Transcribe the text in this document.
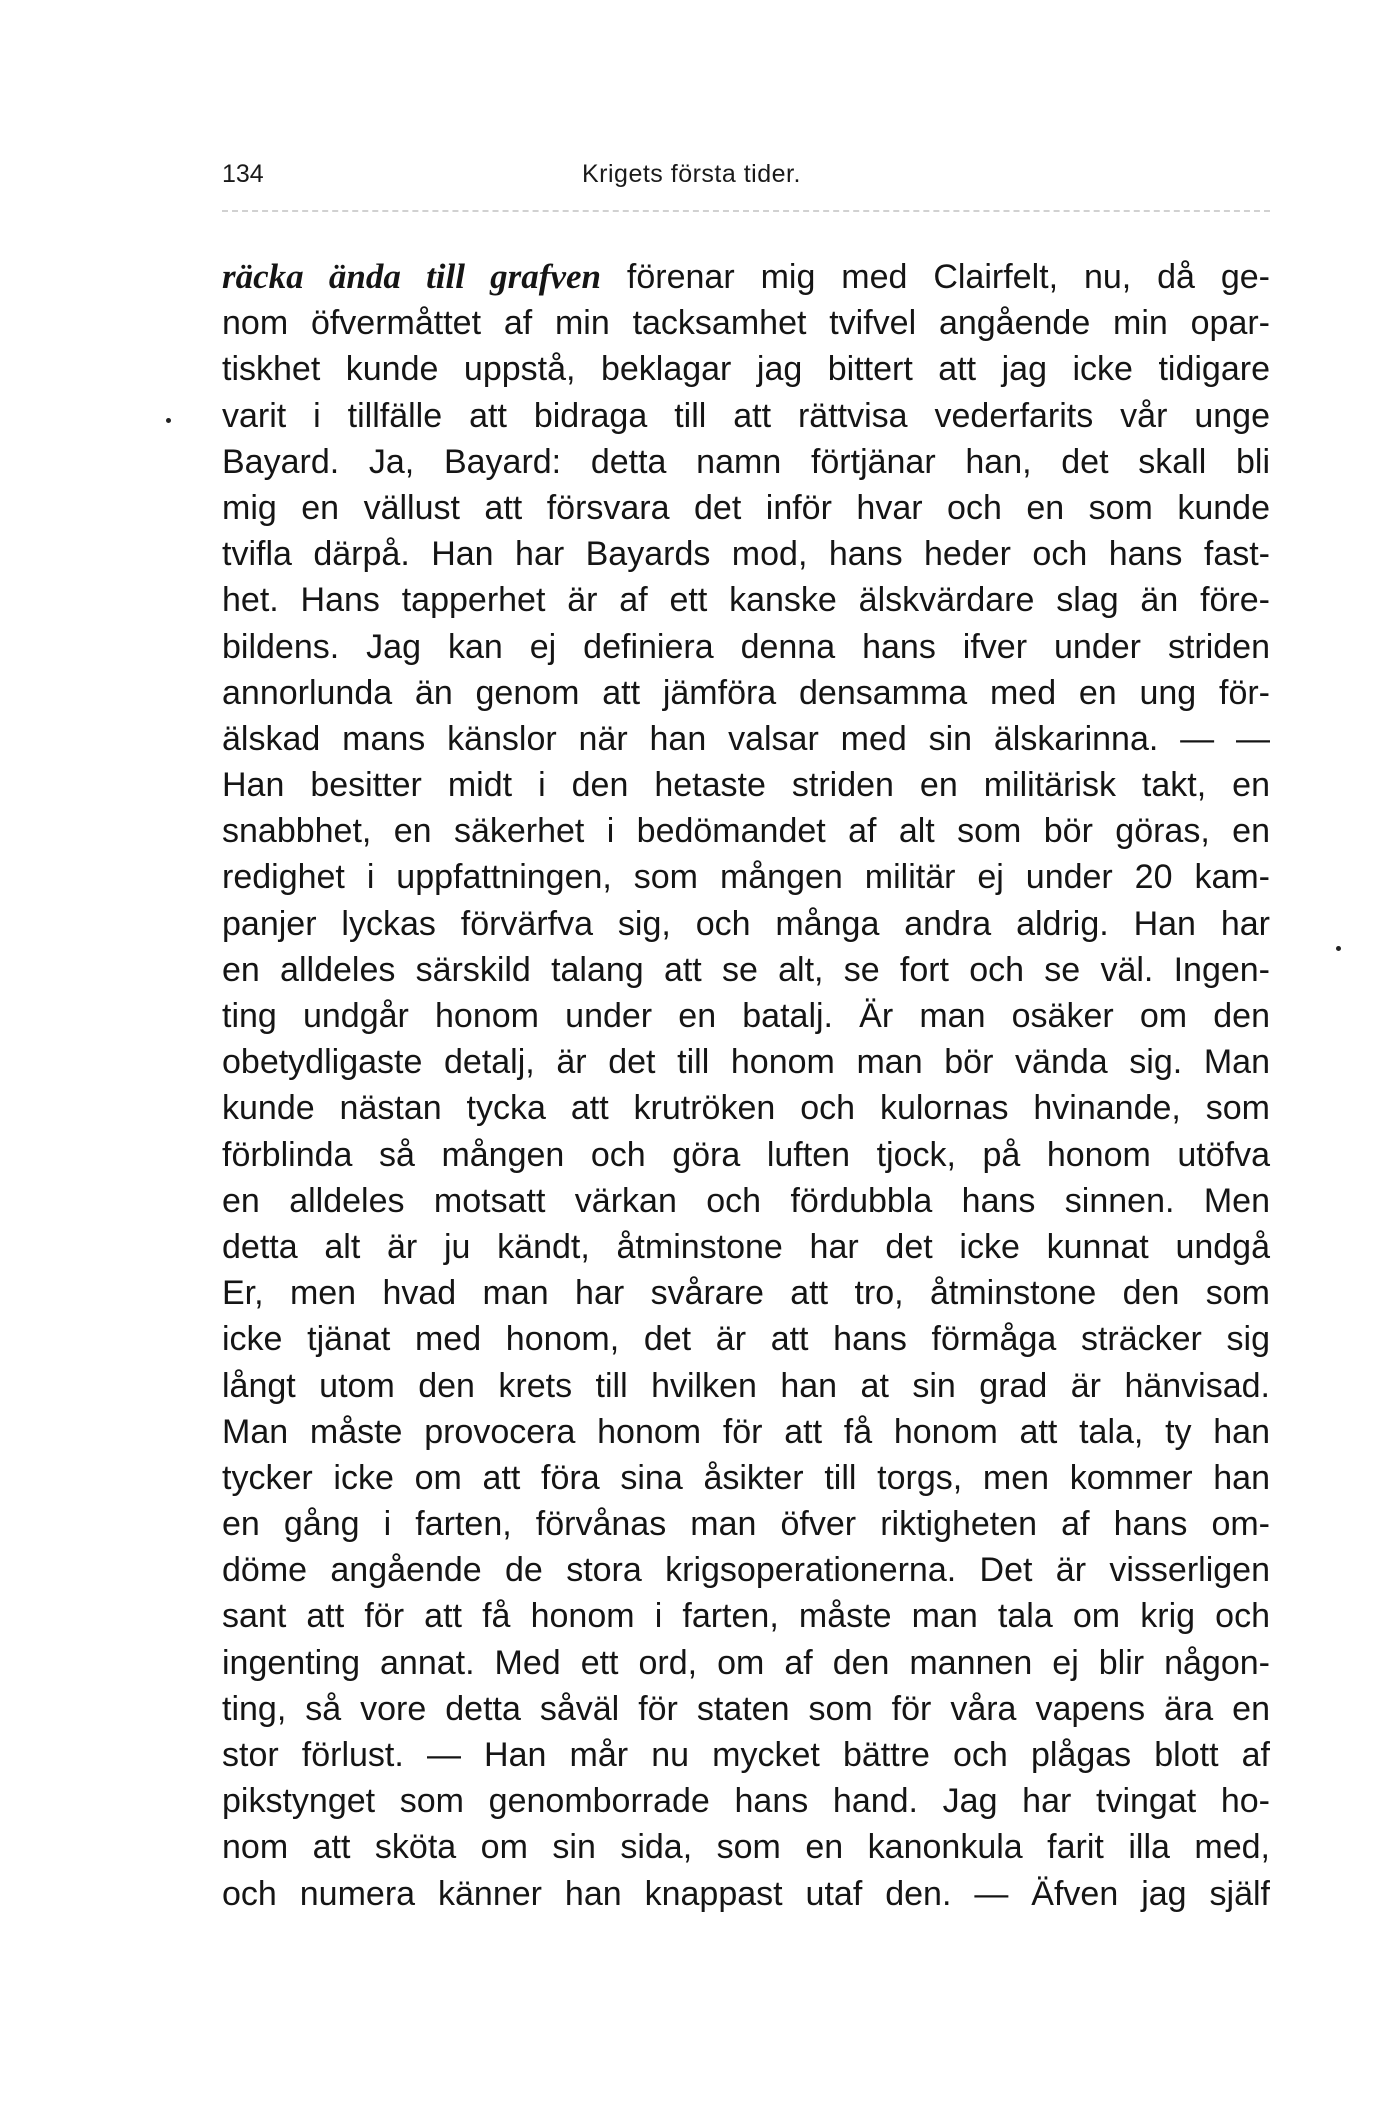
134	Krigets första tider.
räcka ända till grafven förenar mig med Clairfelt, nu, då ge-
nom öfvermåttet af min tacksamhet tvifvel angående min opar-
tiskhet kunde uppstå, beklagar jag bittert att jag icke tidigare
varit i tillfälle att bidraga till att rättvisa vederfarits vår unge
Bayard. Ja, Bayard: detta namn förtjänar han, det skall bli
mig en vällust att försvara det inför hvar och en som kunde
tvifla därpå. Han har Bayards mod, hans heder och hans fast-
het. Hans tapperhet är af ett kanske älskvärdare slag än före-
bildens. Jag kan ej definiera denna hans ifver under striden
annorlunda än genom att jämföra densamma med en ung för-
älskad mans känslor när han valsar med sin älskarinna. — —
Han besitter midt i den hetaste striden en militärisk takt, en
snabbhet, en säkerhet i bedömandet af alt som bör göras, en
redighet i uppfattningen, som mången militär ej under 20 kam-
panjer lyckas förvärfva sig, och många andra aldrig. Han har
en alldeles särskild talang att se alt, se fort och se väl. Ingen-
ting undgår honom under en batalj. Är man osäker om den
obetydligaste detalj, är det till honom man bör vända sig. Man
kunde nästan tycka att krutröken och kulornas hvinande, som
förblinda så mången och göra luften tjock, på honom utöfva
en alldeles motsatt värkan och fördubbla hans sinnen. Men
detta alt är ju kändt, åtminstone har det icke kunnat undgå
Er, men hvad man har svårare att tro, åtminstone den som
icke tjänat med honom, det är att hans förmåga sträcker sig
långt utom den krets till hvilken han at sin grad är hänvisad.
Man måste provocera honom för att få honom att tala, ty han
tycker icke om att föra sina åsikter till torgs, men kommer han
en gång i farten, förvånas man öfver riktigheten af hans om-
döme angående de stora krigsoperationerna. Det är visserligen
sant att för att få honom i farten, måste man tala om krig och
ingenting annat. Med ett ord, om af den mannen ej blir någon-
ting, så vore detta såväl för staten som för våra vapens ära en
stor förlust. — Han mår nu mycket bättre och plågas blott af
pikstynget som genomborrade hans hand. Jag har tvingat ho-
nom att sköta om sin sida, som en kanonkula farit illa med,
och numera känner han knappast utaf den. — Äfven jag själf
